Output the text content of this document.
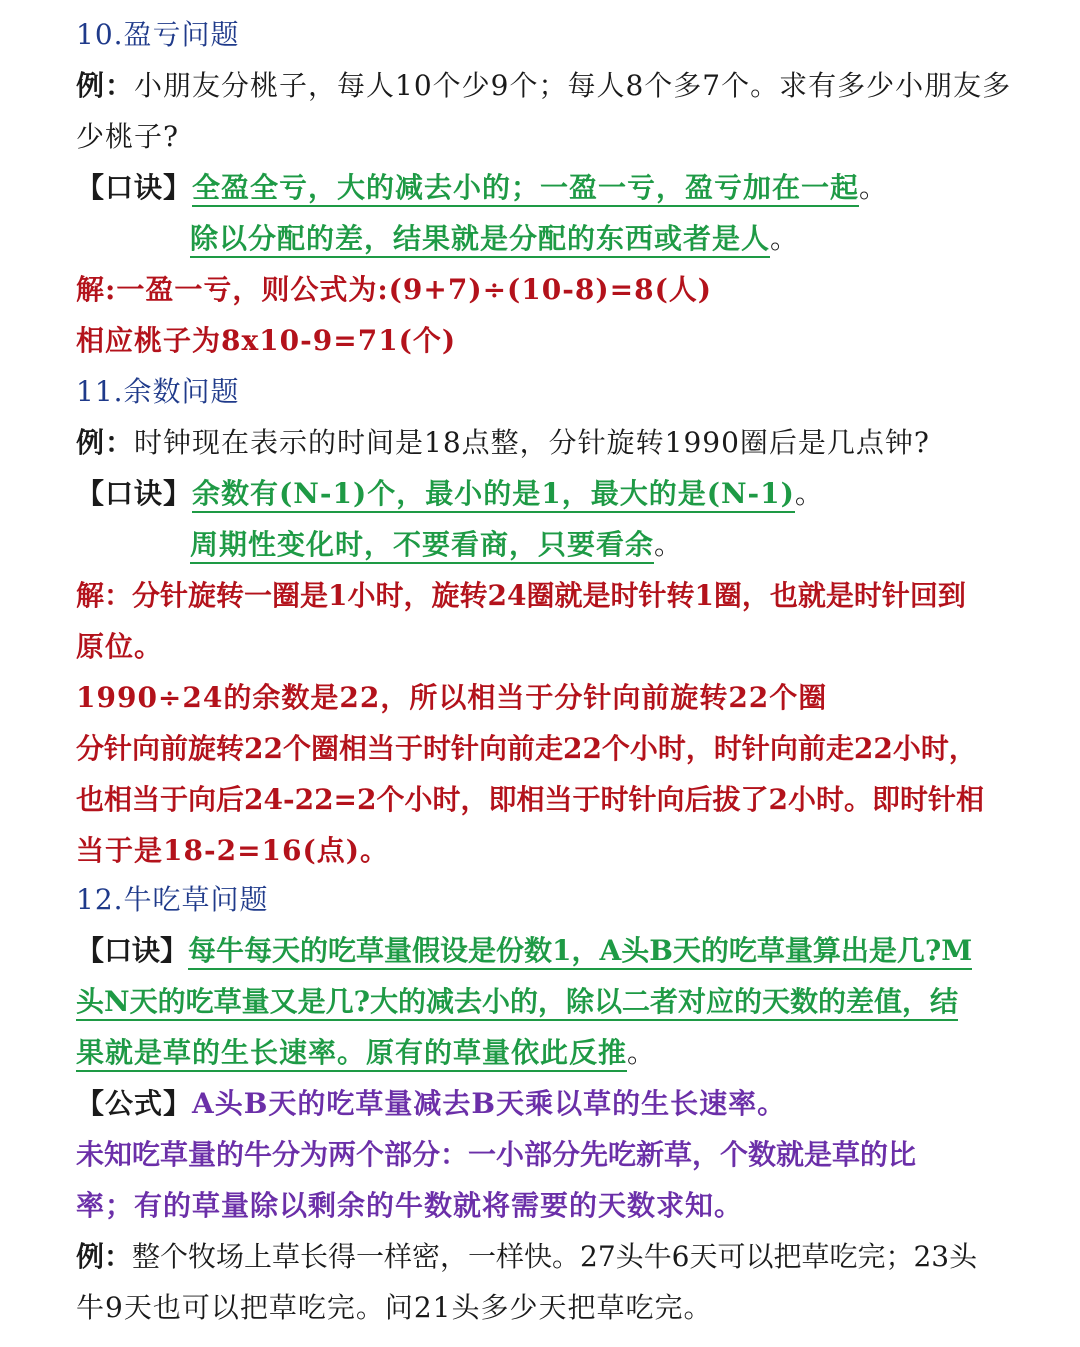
10.盈亏问题
例：小朋友分桃子，每人10个少9个；每人8个多7个。求有多少小朋友多
少桃子?
【口诀】全盈全亏，大的减去小的；一盈一亏，盈亏加在一起。
除以分配的差，结果就是分配的东西或者是人。
解:一盈一亏，则公式为:(9+7)÷(10-8)=8(人)
相应桃子为8x10-9=71(个)
11.余数问题
例：时钟现在表示的时间是18点整，分针旋转1990圈后是几点钟?
【口诀】余数有(N-1)个，最小的是1，最大的是(N-1)。
周期性变化时，不要看商，只要看余。
解：分针旋转一圈是1小时，旋转24圈就是时针转1圈，也就是时针回到
原位。
1990÷24的余数是22，所以相当于分针向前旋转22个圈
分针向前旋转22个圈相当于时针向前走22个小时，时针向前走22小时，
也相当于向后24-22=2个小时，即相当于时针向后拔了2小时。即时针相
当于是18-2=16(点)。
12.牛吃草问题
【口诀】每牛每天的吃草量假设是份数1，A头B天的吃草量算出是几?M
头N天的吃草量又是几?大的减去小的，除以二者对应的天数的差值，结
果就是草的生长速率。原有的草量依此反推。
【公式】A头B天的吃草量减去B天乘以草的生长速率。
未知吃草量的牛分为两个部分：一小部分先吃新草，个数就是草的比
率；有的草量除以剩余的牛数就将需要的天数求知。
例：整个牧场上草长得一样密，一样快。27头牛6天可以把草吃完；23头
牛9天也可以把草吃完。问21头多少天把草吃完。
